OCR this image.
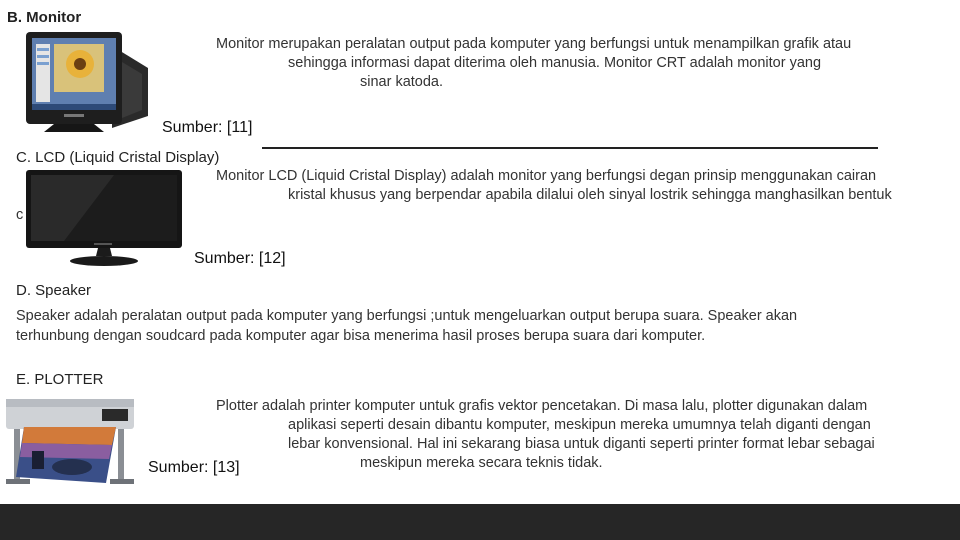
B. Monitor
Monitor merupakan peralatan output pada komputer yang berfungsi untuk menampilkan grafik atau
sehingga informasi dapat diterima oleh manusia. Monitor CRT adalah monitor yang
sinar katoda.
Sumber: [11]
C. LCD (Liquid Cristal Display)
Monitor LCD (Liquid Cristal Display) adalah monitor yang berfungsi degan prinsip menggunakan cairan
kristal khusus yang berpendar apabila dilalui oleh sinyal lostrik sehingga manghasilkan bentuk
c
Sumber: [12]
D. Speaker
Speaker adalah peralatan output pada komputer yang berfungsi ;untuk mengeluarkan output berupa suara. Speaker akan
terhunbung dengan soudcard pada komputer agar bisa menerima hasil proses berupa suara dari komputer.
E. PLOTTER
Plotter adalah printer komputer untuk grafis vektor pencetakan. Di masa lalu, plotter digunakan dalam
aplikasi seperti desain dibantu komputer, meskipun mereka umumnya telah diganti dengan
lebar konvensional. Hal ini sekarang biasa untuk diganti seperti printer format lebar sebagai
meskipun mereka secara teknis tidak.
Sumber: [13]
